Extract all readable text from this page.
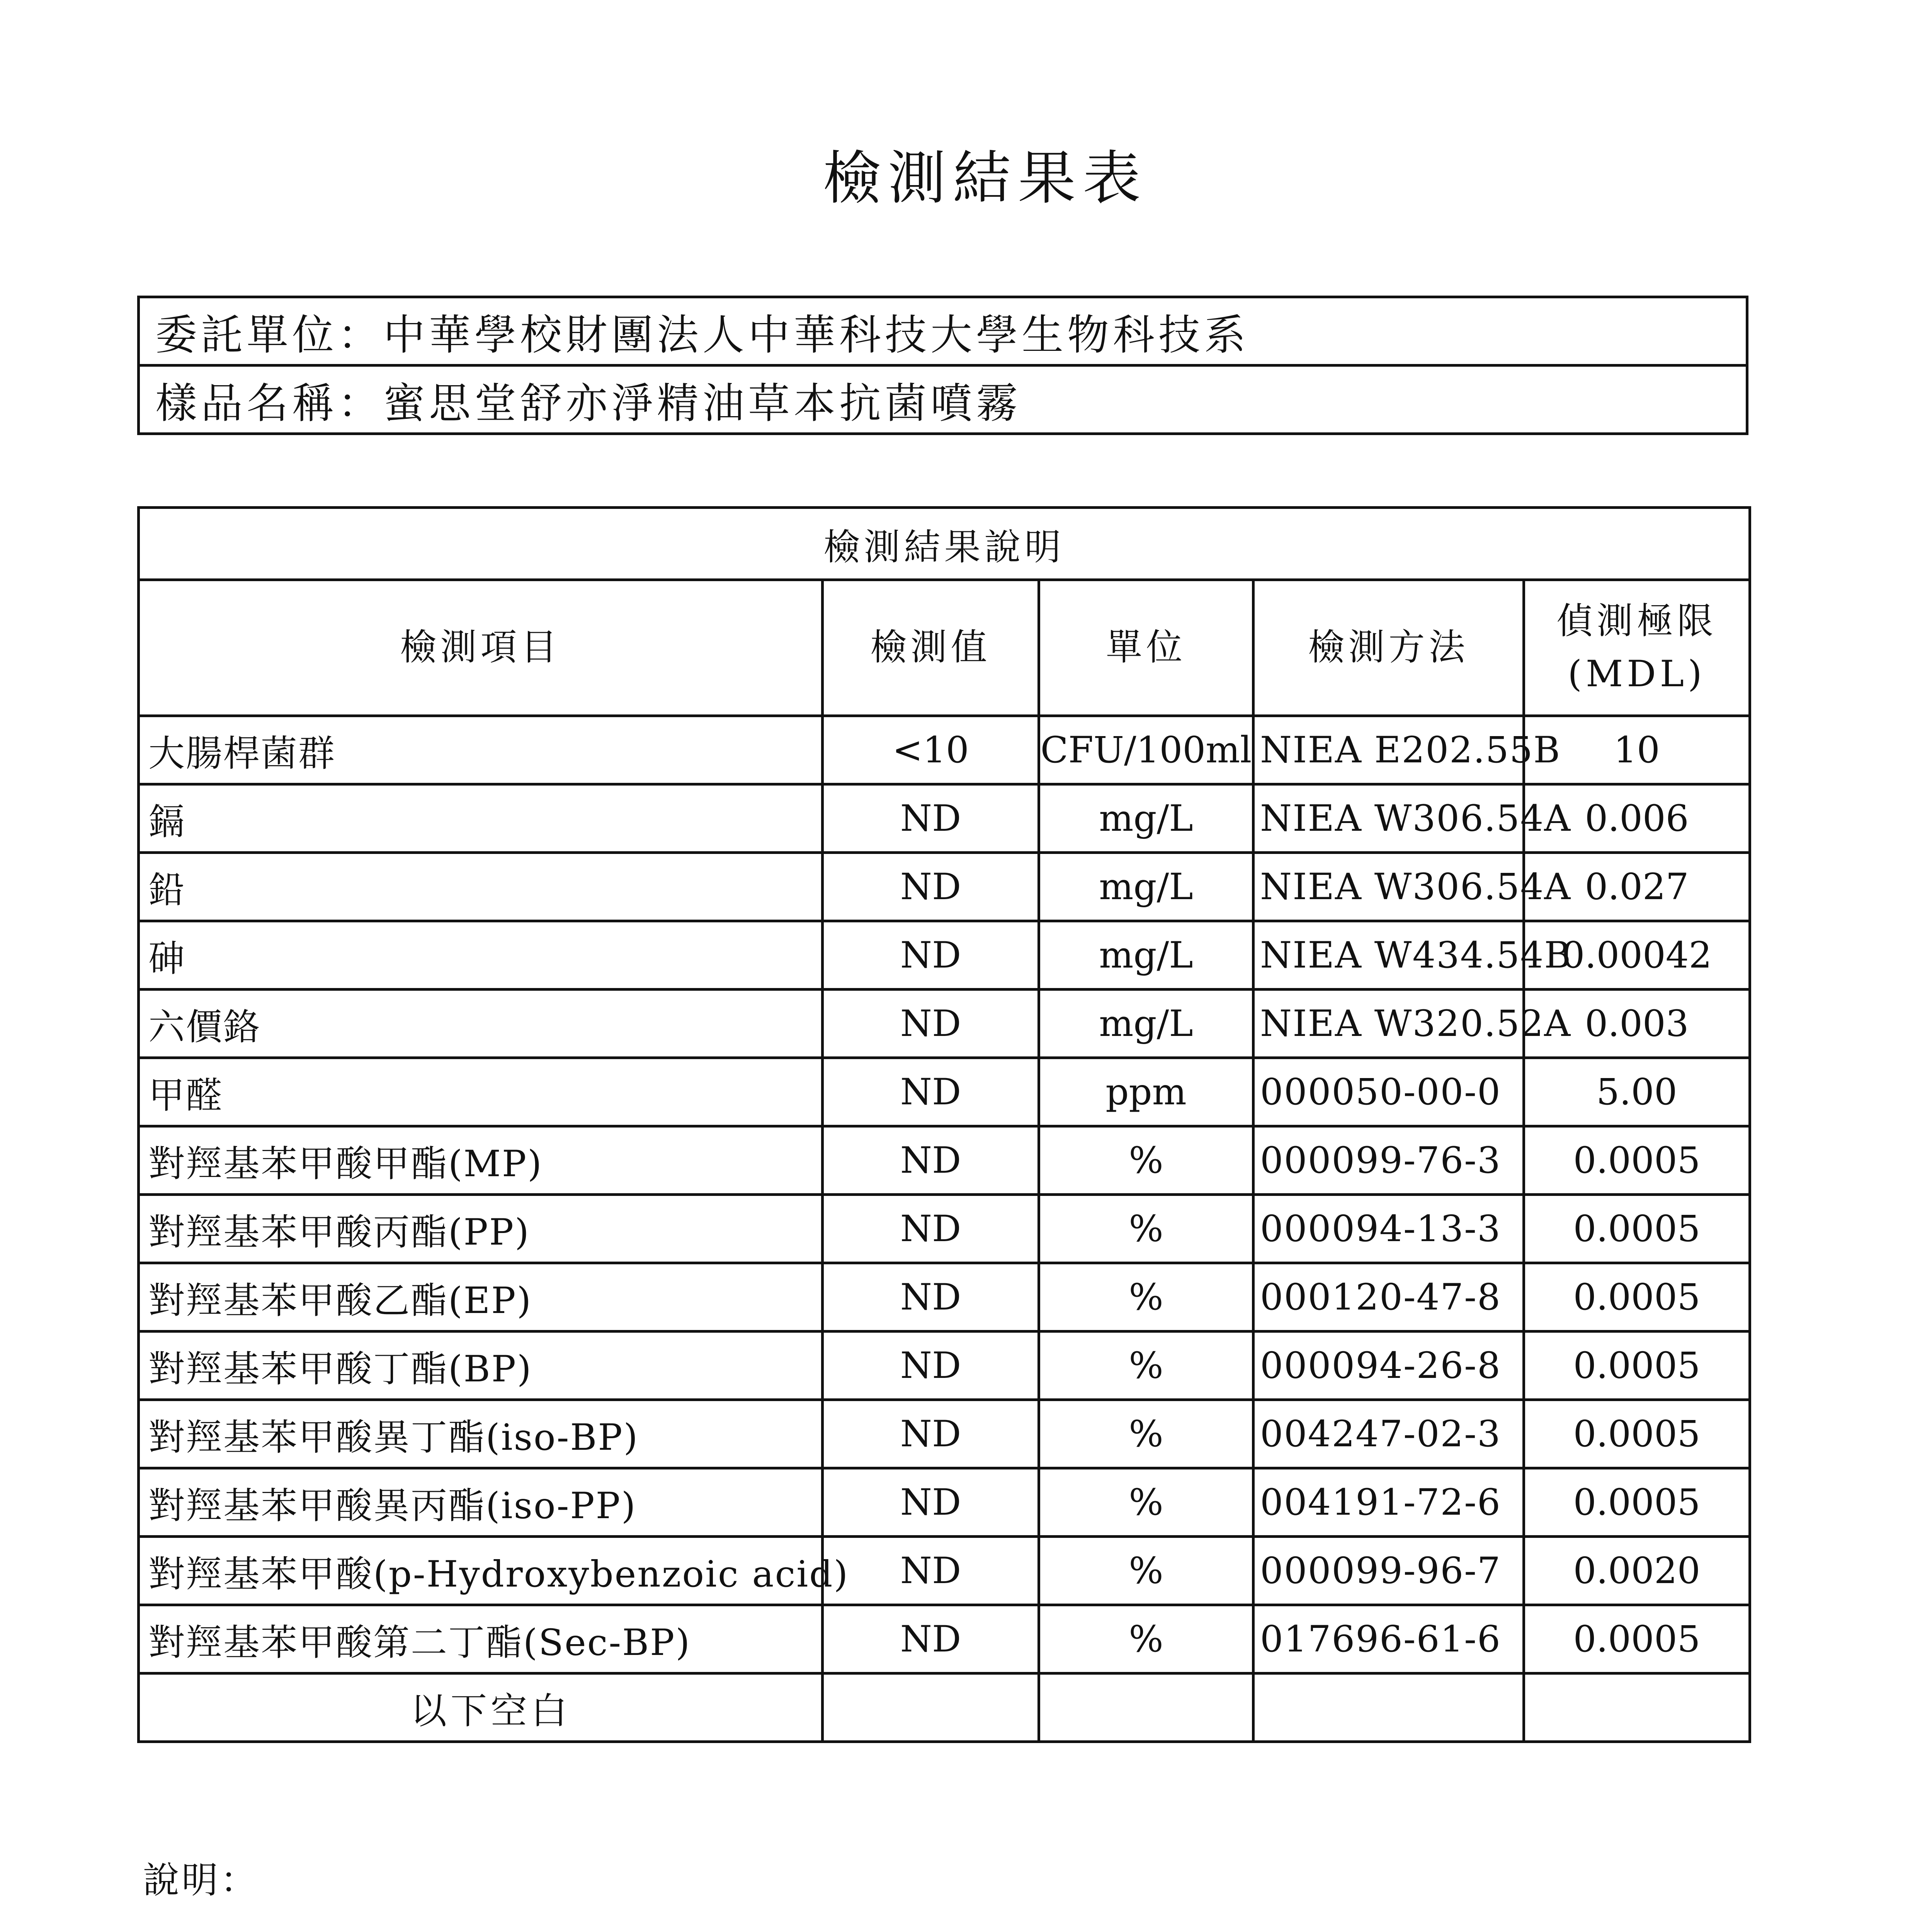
檢測結果表
委託單位：中華學校財團法人中華科技大學生物科技系
樣品名稱：蜜思堂舒亦淨精油草本抗菌噴霧
檢測結果說明				
檢測項目	檢測值	單位	檢測方法	偵測極限
(MDL)
大腸桿菌群	<10	CFU/100ml	NIEA E202.55B	10
鎘	ND	mg/L	NIEA W306.54A	0.006
鉛	ND	mg/L	NIEA W306.54A	0.027
砷	ND	mg/L	NIEA W434.54B	0.00042
六價鉻	ND	mg/L	NIEA W320.52A	0.003
甲醛	ND	ppm	000050-00-0	5.00
對羥基苯甲酸甲酯(MP)	ND	%	000099-76-3	0.0005
對羥基苯甲酸丙酯(PP)	ND	%	000094-13-3	0.0005
對羥基苯甲酸乙酯(EP)	ND	%	000120-47-8	0.0005
對羥基苯甲酸丁酯(BP)	ND	%	000094-26-8	0.0005
對羥基苯甲酸異丁酯(iso-BP)	ND	%	004247-02-3	0.0005
對羥基苯甲酸異丙酯(iso-PP)	ND	%	004191-72-6	0.0005
對羥基苯甲酸(p-Hydroxybenzoic acid)	ND	%	000099-96-7	0.0020
對羥基苯甲酸第二丁酯(Sec-BP)	ND	%	017696-61-6	0.0005
以下空白				
說明：
